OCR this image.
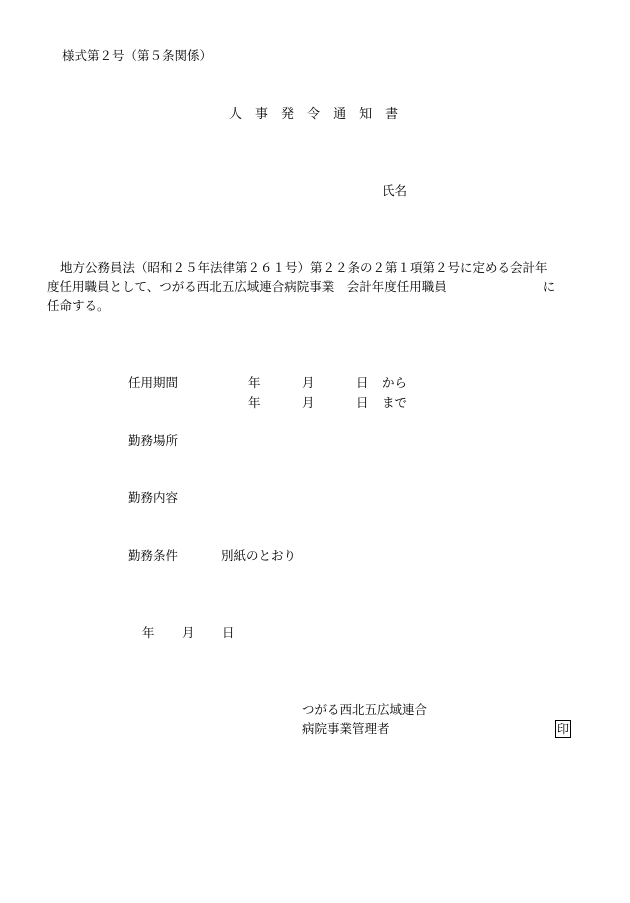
様式第２号（第５条関係）
人 事 発 令 通 知 書
氏名
地方公務員法（昭和２５年法律第２６１号）第２２条の２第１項第２号に定める会計年
度任用職員として、つがる西北五広域連合病院事業　会計年度任用職員	に
任命する。
任用期間	年	月	日 から
年	月	日 まで
勤務場所
勤務内容
勤務条件	別紙のとおり
年 月 日
つがる西北五広域連合
病院事業管理者	印
